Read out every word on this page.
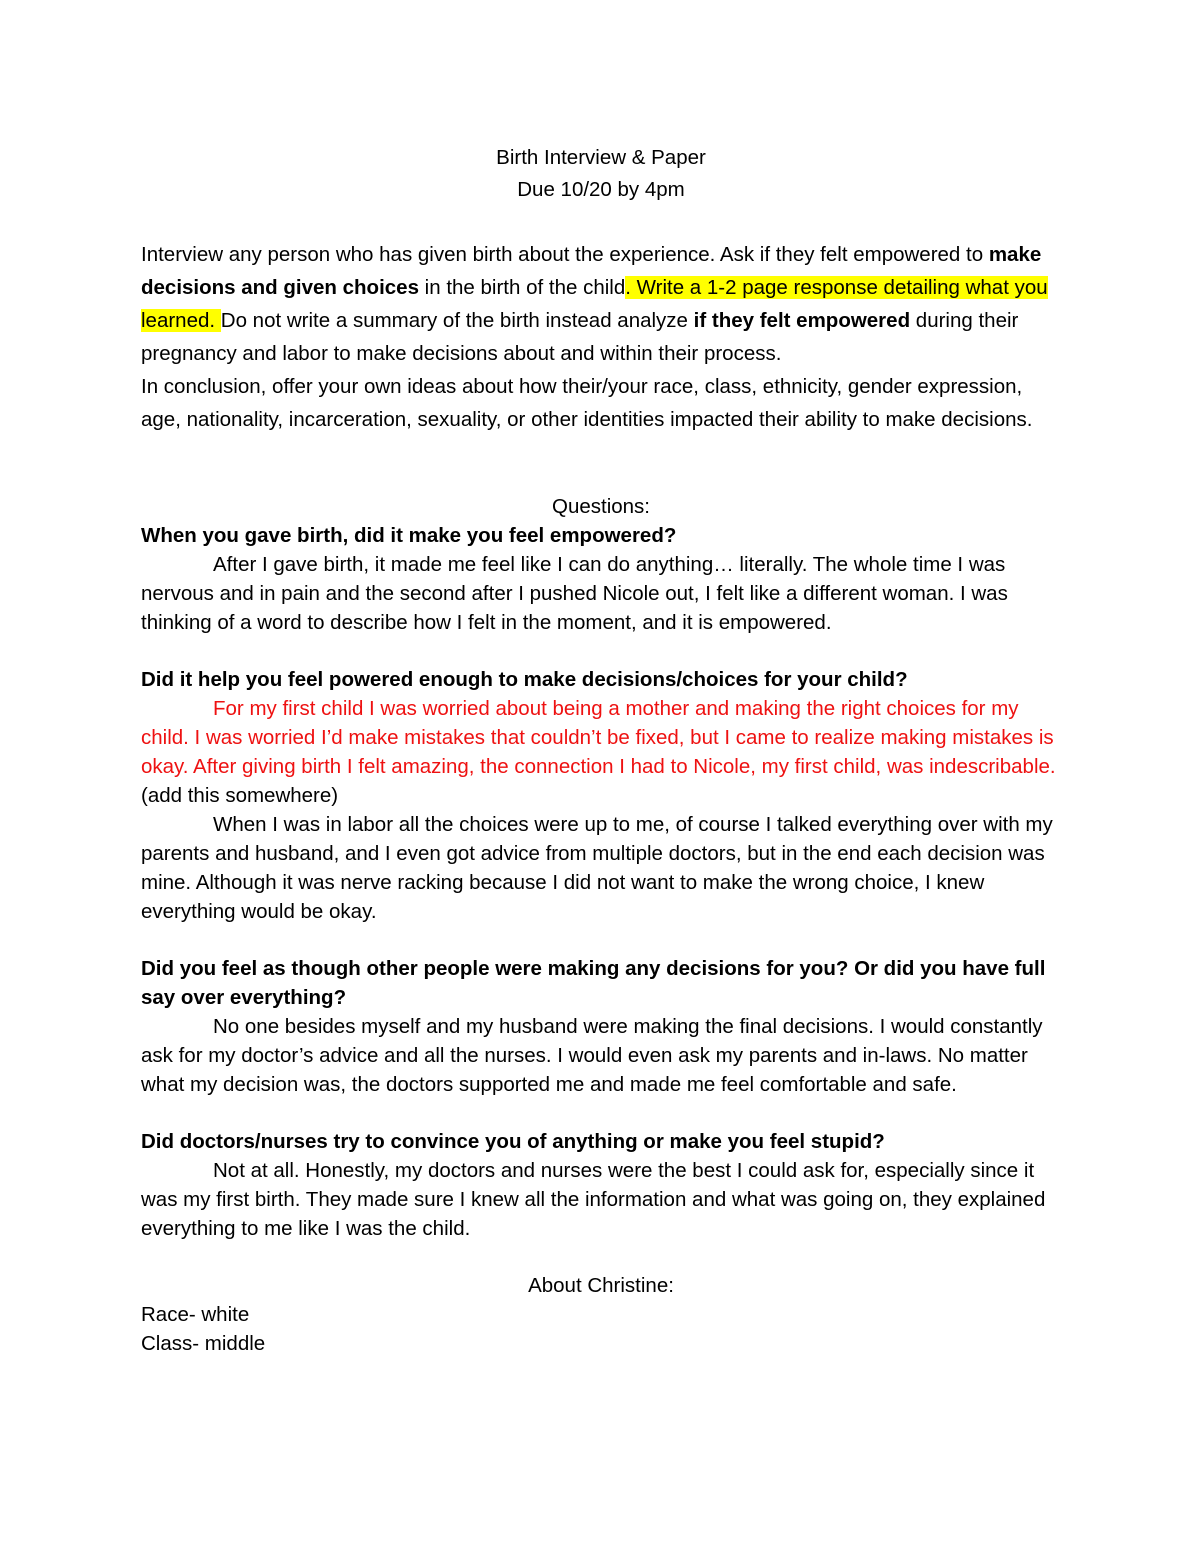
Birth Interview & Paper

Due 10/20 by 4pm

Interview any person who has given birth about the experience. Ask if they felt empowered to make decisions and given choices in the birth of the child. Write a 1-2 page response detailing what you learned. Do not write a summary of the birth instead analyze if they felt empowered during their pregnancy and labor to make decisions about and within their process.

In conclusion, offer your own ideas about how their/your race, class, ethnicity, gender expression, age, nationality, incarceration, sexuality, or other identities impacted their ability to make decisions.

Questions:

When you gave birth, did it make you feel empowered?

After I gave birth, it made me feel like I can do anything… literally. The whole time I was nervous and in pain and the second after I pushed Nicole out, I felt like a different woman. I was thinking of a word to describe how I felt in the moment, and it is empowered.

Did it help you feel powered enough to make decisions/choices for your child?

For my first child I was worried about being a mother and making the right choices for my child. I was worried I’d make mistakes that couldn’t be fixed, but I came to realize making mistakes is okay. After giving birth I felt amazing, the connection I had to Nicole, my first child, was indescribable. (add this somewhere)

When I was in labor all the choices were up to me, of course I talked everything over with my parents and husband, and I even got advice from multiple doctors, but in the end each decision was mine. Although it was nerve racking because I did not want to make the wrong choice, I knew everything would be okay.

Did you feel as though other people were making any decisions for you? Or did you have full say over everything?

No one besides myself and my husband were making the final decisions. I would constantly ask for my doctor’s advice and all the nurses. I would even ask my parents and in-laws. No matter what my decision was, the doctors supported me and made me feel comfortable and safe.

Did doctors/nurses try to convince you of anything or make you feel stupid?

Not at all. Honestly, my doctors and nurses were the best I could ask for, especially since it was my first birth. They made sure I knew all the information and what was going on, they explained everything to me like I was the child.

About Christine:

Race- white

Class- middle
